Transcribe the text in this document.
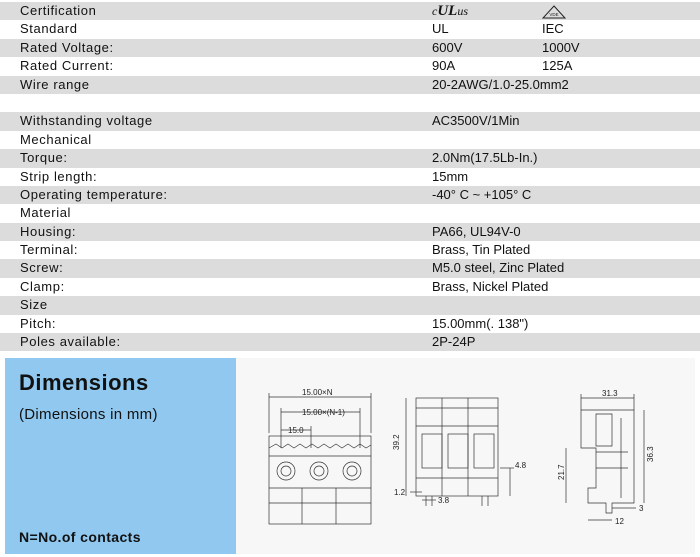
Certification	cULus	VDE
Standard	UL	IEC
Rated Voltage:	600V	1000V
Rated Current:	90A	125A
Wire range	20-2AWG/1.0-25.0mm2
Withstanding voltage	AC3500V/1Min
Mechanical
Torque:	2.0Nm(17.5Lb-In.)
Strip length:	15mm
Operating temperature:	-40° C ~ +105° C
Material
Housing:	PA66, UL94V-0
Terminal:	Brass, Tin Plated
Screw:	M5.0 steel, Zinc Plated
Clamp:	Brass, Nickel Plated
Size
Pitch:	15.00mm(. 138")
Poles available:	2P-24P
Dimensions
(Dimensions in mm)
N=No.of contacts
15.00×N
15.00×(N-1)
15.0
39.2
4.8
1.2
3.8
31.3
36.3
21.7
12
3
